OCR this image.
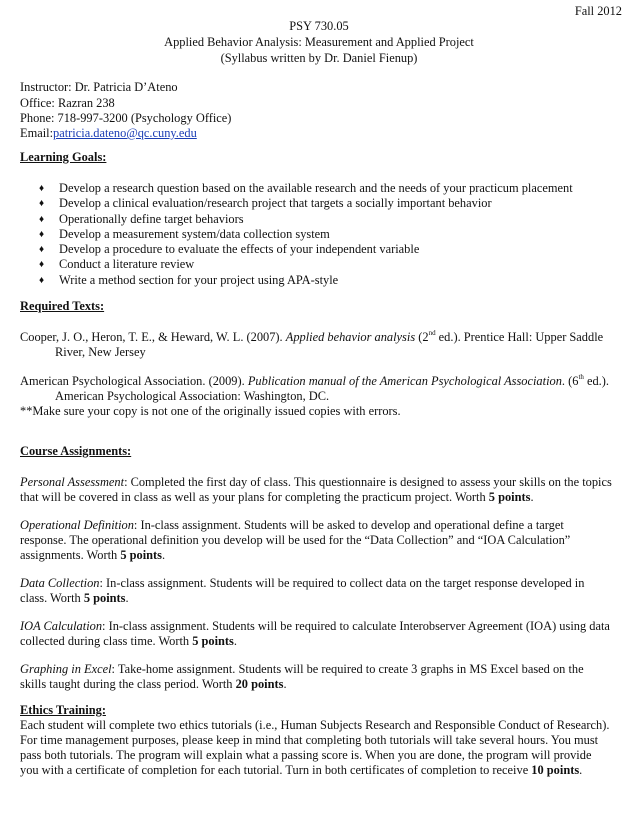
Fall 2012
PSY 730.05
Applied Behavior Analysis: Measurement and Applied Project
(Syllabus written by Dr. Daniel Fienup)
Instructor: Dr. Patricia D’Ateno
Office: Razran 238
Phone: 718-997-3200 (Psychology Office)
Email:patricia.dateno@qc.cuny.edu
Learning Goals:
♦ Develop a research question based on the available research and the needs of your practicum placement
♦ Develop a clinical evaluation/research project that targets a socially important behavior
♦ Operationally define target behaviors
♦ Develop a measurement system/data collection system
♦ Develop a procedure to evaluate the effects of your independent variable
♦ Conduct a literature review
♦ Write a method section for your project using APA-style
Required Texts:
Cooper, J. O., Heron, T. E., & Heward, W. L. (2007). Applied behavior analysis (2nd ed.). Prentice Hall: Upper Saddle
River, New Jersey
American Psychological Association. (2009). Publication manual of the American Psychological Association. (6th ed.).
American Psychological Association: Washington, DC.
**Make sure your copy is not one of the originally issued copies with errors.
Course Assignments:
Personal Assessment: Completed the first day of class. This questionnaire is designed to assess your skills on the topics
that will be covered in class as well as your plans for completing the practicum project. Worth 5 points.
Operational Definition: In-class assignment. Students will be asked to develop and operational define a target
response. The operational definition you develop will be used for the “Data Collection” and “IOA Calculation”
assignments. Worth 5 points.
Data Collection: In-class assignment. Students will be required to collect data on the target response developed in
class. Worth 5 points.
IOA Calculation: In-class assignment. Students will be required to calculate Interobserver Agreement (IOA) using data
collected during class time. Worth 5 points.
Graphing in Excel: Take-home assignment. Students will be required to create 3 graphs in MS Excel based on the
skills taught during the class period. Worth 20 points.
Ethics Training:
Each student will complete two ethics tutorials (i.e., Human Subjects Research and Responsible Conduct of Research).
For time management purposes, please keep in mind that completing both tutorials will take several hours. You must
pass both tutorials. The program will explain what a passing score is. When you are done, the program will provide
you with a certificate of completion for each tutorial. Turn in both certificates of completion to receive 10 points.
